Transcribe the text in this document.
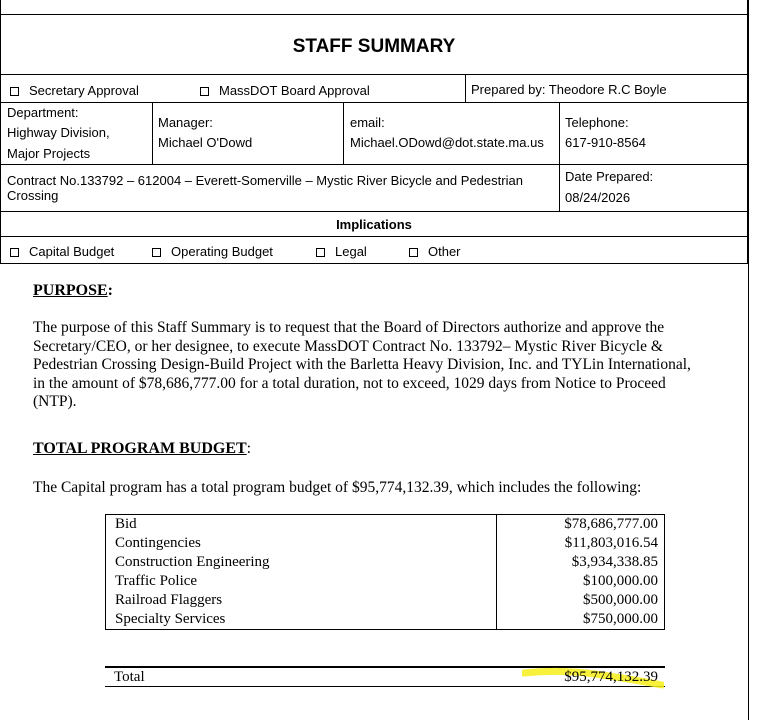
STAFF SUMMARY
Secretary Approval	MassDOT Board Approval	Prepared by: Theodore R.C Boyle
Department:
Highway Division,
Major Projects
Manager:
Michael O'Dowd
email:
Michael.ODowd@dot.state.ma.us
Telephone:
617-910-8564
Contract No.133792 – 612004 – Everett-Somerville – Mystic River Bicycle and Pedestrian
Crossing
Date Prepared:
08/24/2026
Implications
Capital Budget	Operating Budget	Legal	Other
PURPOSE:
The purpose of this Staff Summary is to request that the Board of Directors authorize and approve the
Secretary/CEO, or her designee, to execute MassDOT Contract No. 133792– Mystic River Bicycle &
Pedestrian Crossing Design-Build Project with the Barletta Heavy Division, Inc. and TYLin International,
in the amount of $78,686,777.00 for a total duration, not to exceed, 1029 days from Notice to Proceed
(NTP).
TOTAL PROGRAM BUDGET:
The Capital program has a total program budget of $95,774,132.39, which includes the following:
Bid	$78,686,777.00
Contingencies	$11,803,016.54
Construction Engineering	$3,934,338.85
Traffic Police	$100,000.00
Railroad Flaggers	$500,000.00
Specialty Services	$750,000.00
Total	$95,774,132.39
